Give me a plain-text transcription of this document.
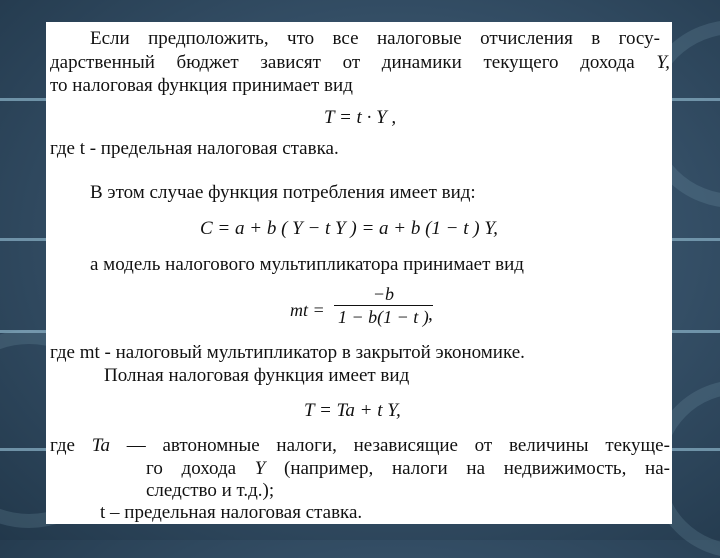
Если предположить, что все налоговые отчисления в госу-
дарственный бюджет зависят от динамики текущего дохода Y,
то налоговая функция принимает вид
T = t · Y ,
где t - предельная налоговая ставка.
В этом случае функция потребления имеет вид:
C = a + b ( Y − t Y ) = a + b (1 − t ) Y,
а модель налогового мультипликатора принимает вид
mt =
−b
1 − b(1 − t ) ,
где mt - налоговый мультипликатор в закрытой экономике.
Полная налоговая функция имеет вид
T = Ta + t Y,
где Ta — автономные налоги, независящие от величины текуще-
го дохода Y (например, налоги на недвижимость, на-
следство и т.д.);
t – предельная налоговая ставка.
